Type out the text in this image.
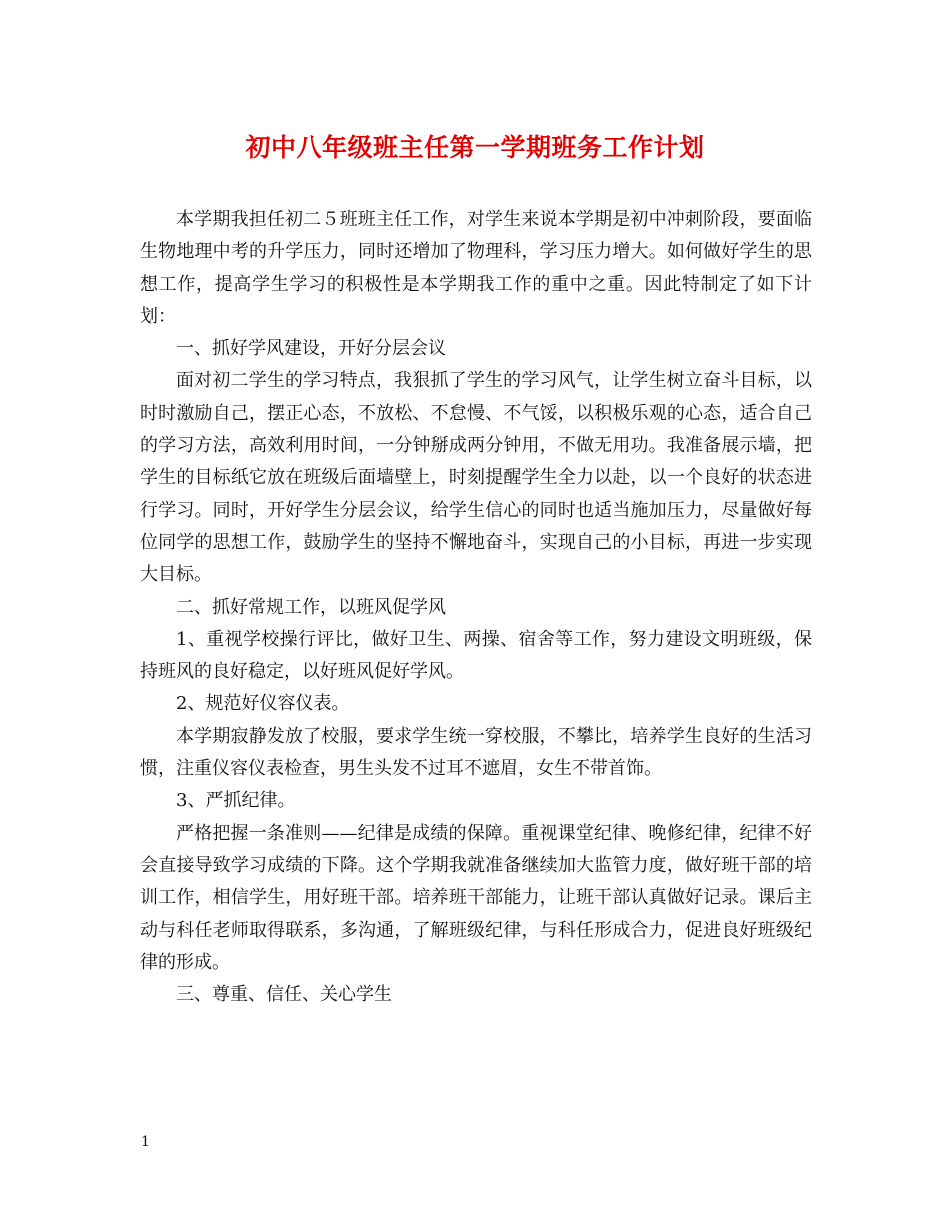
初中八年级班主任第一学期班务工作计划

本学期我担任初二５班班主任工作，对学生来说本学期是初中冲刺阶段，要面临生物地理中考的升学压力，同时还增加了物理科，学习压力增大。如何做好学生的思想工作，提高学生学习的积极性是本学期我工作的重中之重。因此特制定了如下计划：

一、抓好学风建设，开好分层会议

面对初二学生的学习特点，我狠抓了学生的学习风气，让学生树立奋斗目标，以时时激励自己，摆正心态，不放松、不怠慢、不气馁，以积极乐观的心态，适合自己的学习方法，高效利用时间，一分钟掰成两分钟用，不做无用功。我准备展示墙，把学生的目标纸它放在班级后面墙壁上，时刻提醒学生全力以赴，以一个良好的状态进行学习。同时，开好学生分层会议，给学生信心的同时也适当施加压力，尽量做好每位同学的思想工作，鼓励学生的坚持不懈地奋斗，实现自己的小目标，再进一步实现大目标。

二、抓好常规工作，以班风促学风

1、重视学校操行评比，做好卫生、两操、宿舍等工作，努力建设文明班级，保持班风的良好稳定，以好班风促好学风。

2、规范好仪容仪表。

本学期寂静发放了校服，要求学生统一穿校服，不攀比，培养学生良好的生活习惯，注重仪容仪表检查，男生头发不过耳不遮眉，女生不带首饰。

3、严抓纪律。

严格把握一条准则——纪律是成绩的保障。重视课堂纪律、晚修纪律，纪律不好会直接导致学习成绩的下降。这个学期我就准备继续加大监管力度，做好班干部的培训工作，相信学生，用好班干部。培养班干部能力，让班干部认真做好记录。课后主动与科任老师取得联系，多沟通，了解班级纪律，与科任形成合力，促进良好班级纪律的形成。

三、尊重、信任、关心学生

1
